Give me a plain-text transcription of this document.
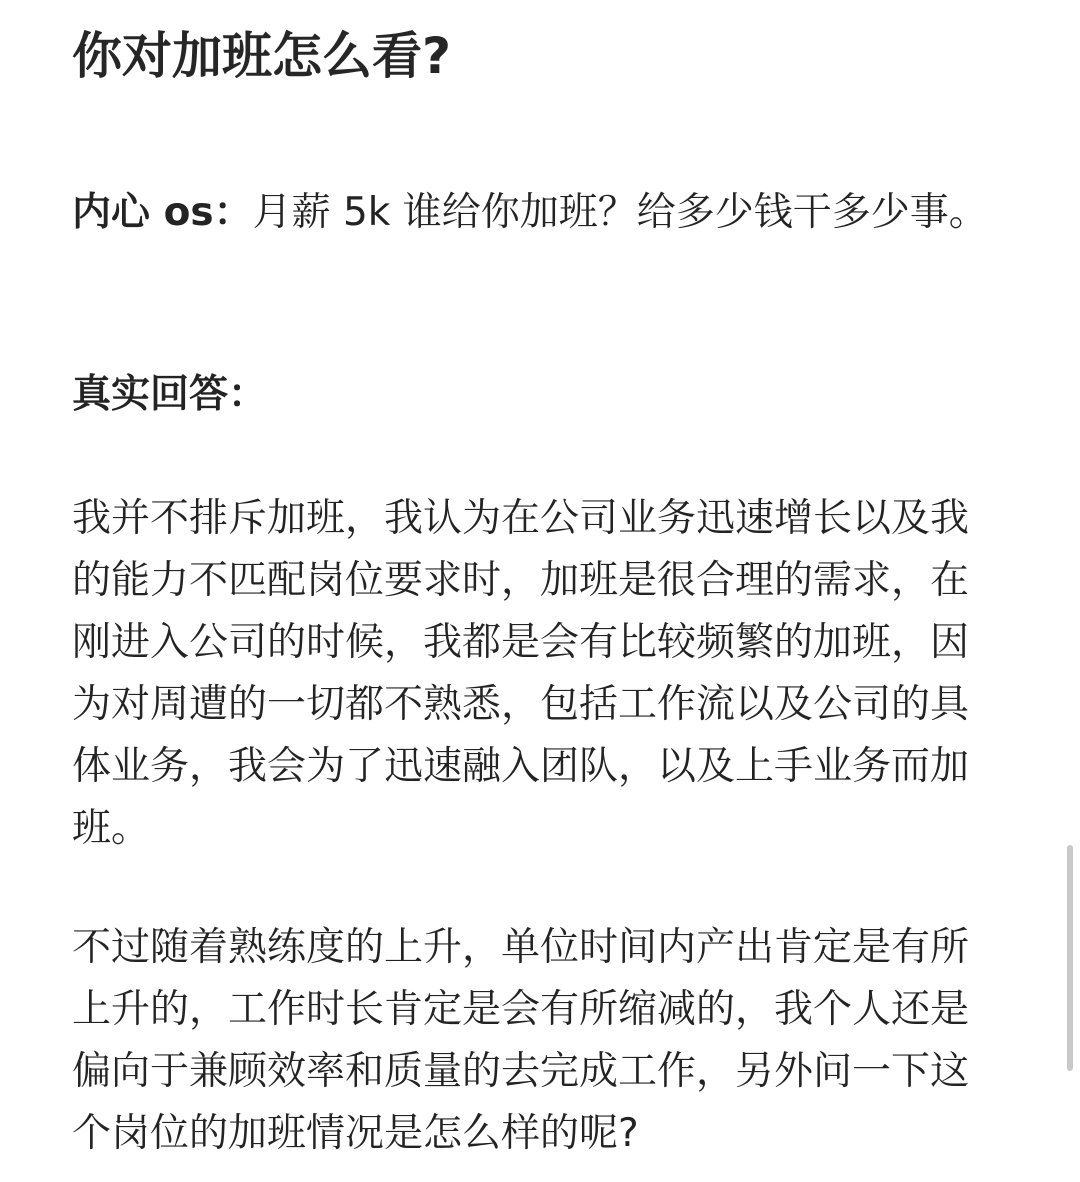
你对加班怎么看?

内心 os：月薪 5k 谁给你加班？给多少钱干多少事。

真实回答：

我并不排斥加班，我认为在公司业务迅速增长以及我的能力不匹配岗位要求时，加班是很合理的需求，在刚进入公司的时候，我都是会有比较频繁的加班，因为对周遭的一切都不熟悉，包括工作流以及公司的具体业务，我会为了迅速融入团队，以及上手业务而加班。

不过随着熟练度的上升，单位时间内产出肯定是有所上升的，工作时长肯定是会有所缩减的，我个人还是偏向于兼顾效率和质量的去完成工作，另外问一下这个岗位的加班情况是怎么样的呢?
